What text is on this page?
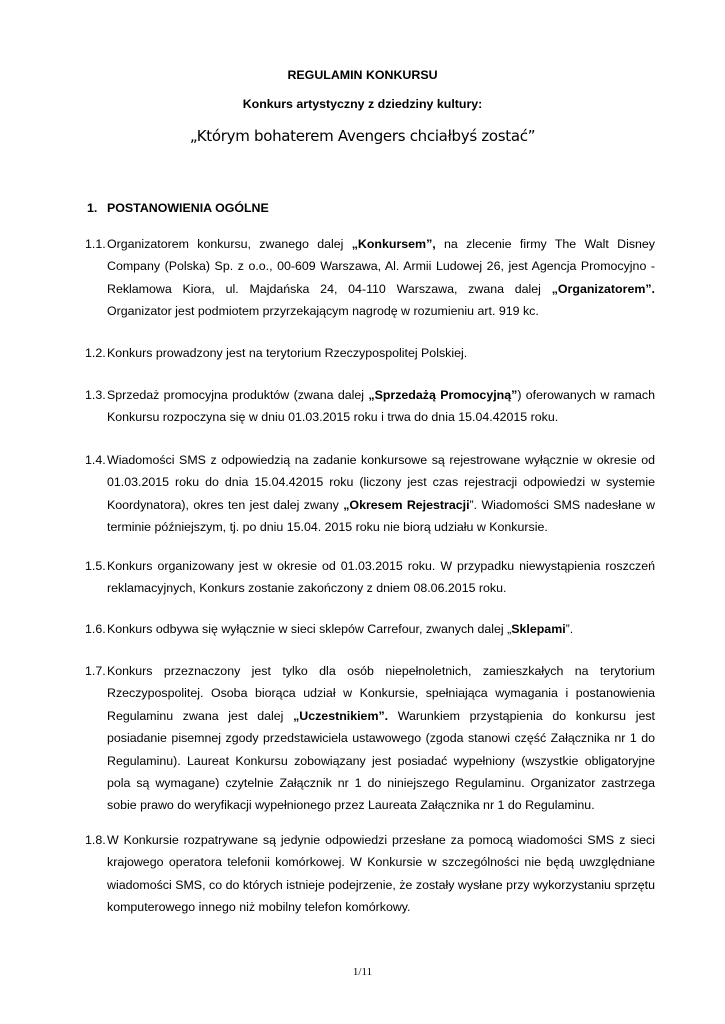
REGULAMIN KONKURSU
Konkurs artystyczny z dziedziny kultury:
„Którym bohaterem Avengers chciałbyś zostać”
1. POSTANOWIENIA OGÓLNE
1.1. Organizatorem konkursu, zwanego dalej „Konkursem”, na zlecenie firmy The Walt Disney Company (Polska) Sp. z o.o., 00-609 Warszawa, Al. Armii Ludowej 26, jest Agencja Promocyjno - Reklamowa Kiora, ul. Majdańska 24, 04-110 Warszawa, zwana dalej „Organizatorem”. Organizator jest podmiotem przyrzekającym nagrodę w rozumieniu art. 919 kc.
1.2. Konkurs prowadzony jest na terytorium Rzeczypospolitej Polskiej.
1.3. Sprzedaż promocyjna produktów (zwana dalej „Sprzedażą Promocyjną”) oferowanych w ramach Konkursu rozpoczyna się w dniu 01.03.2015 roku i trwa do dnia 15.04.42015 roku.
1.4. Wiadomości SMS z odpowiedzią na zadanie konkursowe są rejestrowane wyłącznie w okresie od 01.03.2015 roku do dnia 15.04.42015 roku (liczony jest czas rejestracji odpowiedzi w systemie Koordynatora), okres ten jest dalej zwany „Okresem Rejestracji”. Wiadomości SMS nadesłane w terminie późniejszym, tj. po dniu 15.04. 2015 roku nie biorą udziału w Konkursie.
1.5. Konkurs organizowany jest w okresie od 01.03.2015 roku. W przypadku niewystąpienia roszczeń reklamacyjnych, Konkurs zostanie zakończony z dniem 08.06.2015 roku.
1.6. Konkurs odbywa się wyłącznie w sieci sklepów Carrefour, zwanych dalej „Sklepami”.
1.7. Konkurs przeznaczony jest tylko dla osób niepełnoletnich, zamieszkałych na terytorium Rzeczypospolitej. Osoba biorąca udział w Konkursie, spełniająca wymagania i postanowienia Regulaminu zwana jest dalej „Uczestnikiem”. Warunkiem przystąpienia do konkursu jest posiadanie pisemnej zgody przedstawiciela ustawowego (zgoda stanowi część Załącznika nr 1 do Regulaminu). Laureat Konkursu zobowiązany jest posiadać wypełniony (wszystkie obligatoryjne pola są wymagane) czytelnie Załącznik nr 1 do niniejszego Regulaminu. Organizator zastrzega sobie prawo do weryfikacji wypełnionego przez Laureata Załącznika nr 1 do Regulaminu.
1.8. W Konkursie rozpatrywane są jedynie odpowiedzi przesłane za pomocą wiadomości SMS z sieci krajowego operatora telefonii komórkowej. W Konkursie w szczególności nie będą uwzględniane wiadomości SMS, co do których istnieje podejrzenie, że zostały wysłane przy wykorzystaniu sprzętu komputerowego innego niż mobilny telefon komórkowy.
1/11
